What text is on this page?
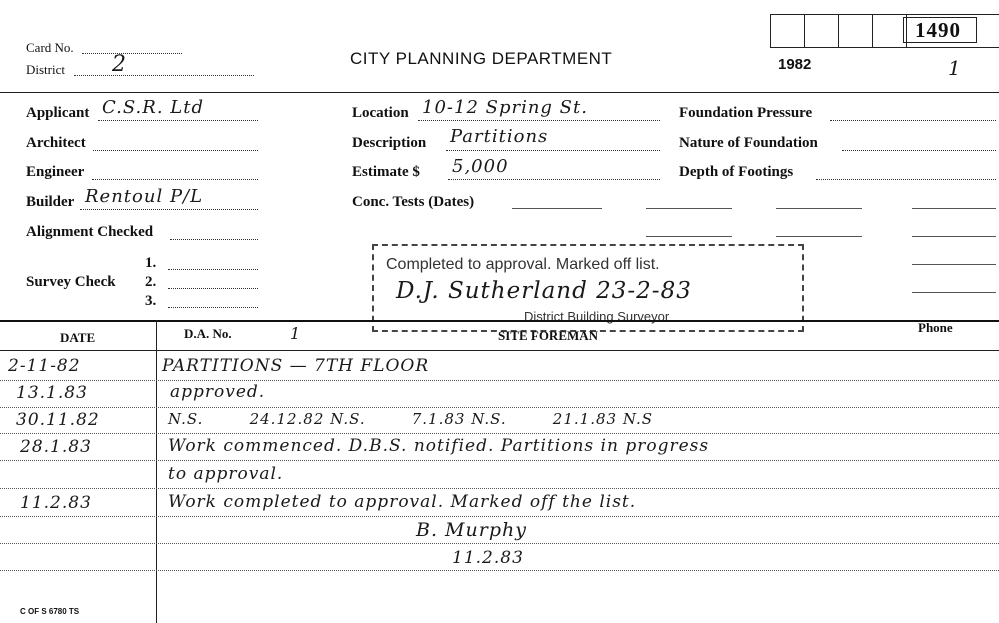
Card No.
District 2	CITY PLANNING DEPARTMENT	1982	1
1490
Applicant C.S.R. Ltd
Architect
Engineer
Builder Rentoul P/L
Alignment Checked
Survey Check
1.
2.
3.
Location 10-12 Spring St.
Description Partitions
Estimate $ 5,000
Conc. Tests (Dates)
Foundation Pressure
Nature of Foundation
Depth of Footings
Completed to approval. Marked off list.
D.J. Sutherland 23-2-83
District Building Surveyor
DATE	D.A. No.	1	SITE FOREMAN
Phone
2-11-82	PARTITIONS — 7TH FLOOR
13.1.83	approved.
30.11.82	N.S.        24.12.82 N.S.        7.1.83 N.S.        21.1.83 N.S
28.1.83	Work commenced. D.B.S. notified. Partitions in progress
to approval.
11.2.83	Work completed to approval. Marked off the list.
B. Murphy
11.2.83
C OF S 6780 TS
